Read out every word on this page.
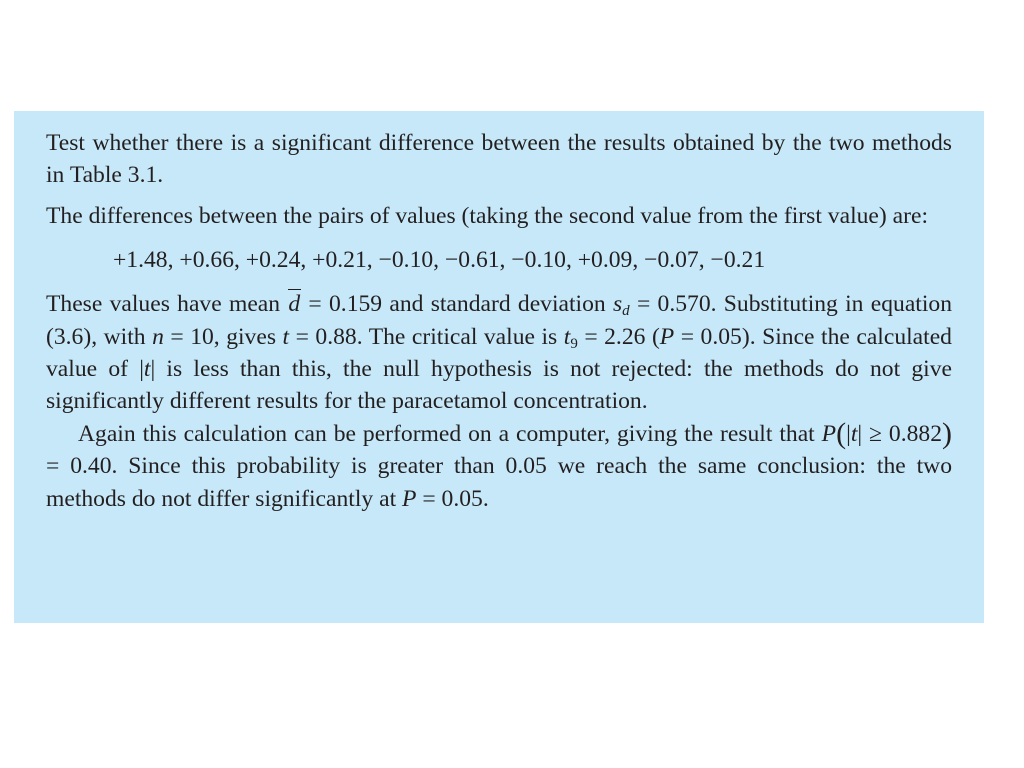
Test whether there is a significant difference between the results obtained by the two methods in Table 3.1.

The differences between the pairs of values (taking the second value from the first value) are:

+1.48, +0.66, +0.24, +0.21, −0.10, −0.61, −0.10, +0.09, −0.07, −0.21

These values have mean d = 0.159 and standard deviation $s_d = 0.570$. Substituting in equation (3.6), with n = 10, gives t = 0.88. The critical value is $t_9 = 2.26$ (P = 0.05). Since the calculated value of |t| is less than this, the null hypothesis is not rejected: the methods do not give significantly different results for the paracetamol concentration.

Again this calculation can be performed on a computer, giving the result that P(|t| ≥ 0.882) = 0.40. Since this probability is greater than 0.05 we reach the same conclusion: the two methods do not differ significantly at P = 0.05.
